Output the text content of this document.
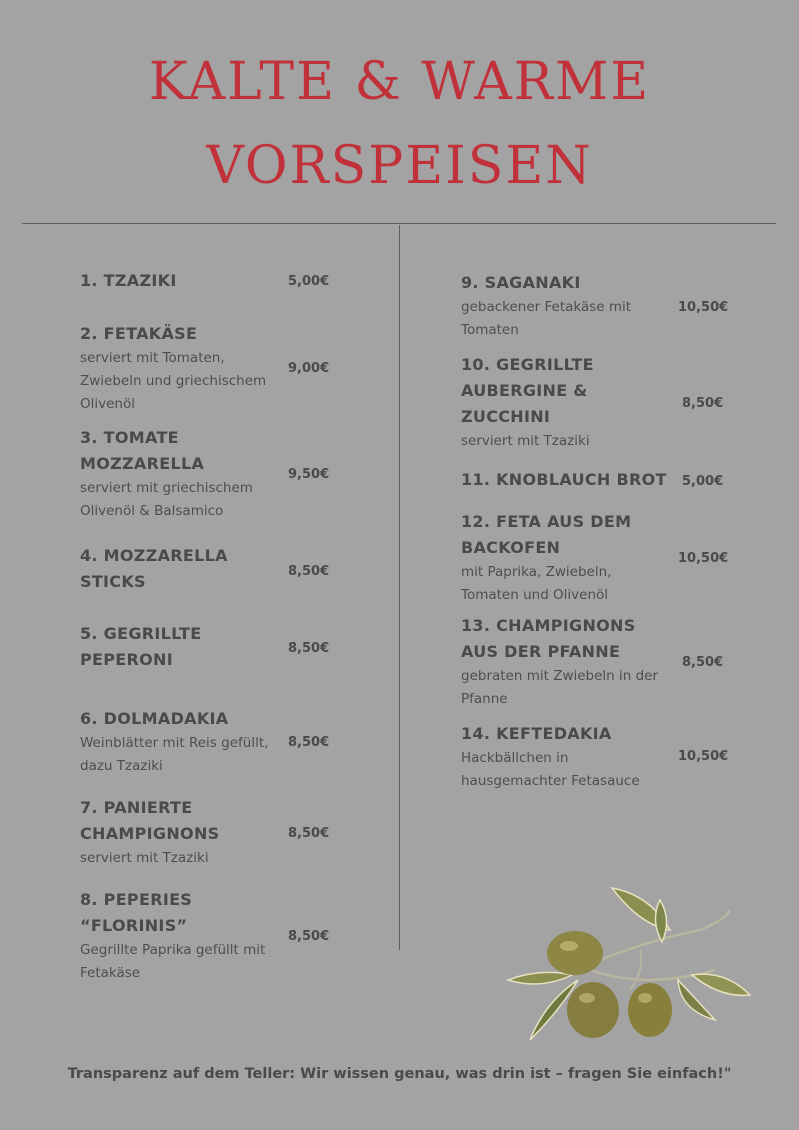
KALTE & WARME
VORSPEISEN
1. TZAZIKI	5,00€
2. FETAKÄSE
serviert mit Tomaten, Zwiebeln und griechischem Olivenöl
9,00€
3. TOMATE MOZZARELLA
serviert mit griechischem Olivenöl & Balsamico
9,50€
4. MOZZARELLA STICKS
8,50€
5. GEGRILLTE PEPERONI
8,50€
6. DOLMADAKIA
Weinblätter mit Reis gefüllt, dazu Tzaziki
8,50€
7. PANIERTE CHAMPIGNONS
serviert mit Tzaziki
8,50€
8. PEPERIES “FLORINIS”
Gegrillte Paprika gefüllt mit Fetakäse
8,50€
9. SAGANAKI
gebackener Fetakäse mit Tomaten
10,50€
10. GEGRILLTE AUBERGINE & ZUCCHINI
serviert mit Tzaziki
8,50€
11. KNOBLAUCH BROT	5,00€
12. FETA AUS DEM BACKOFEN
mit Paprika, Zwiebeln, Tomaten und Olivenöl
10,50€
13. CHAMPIGNONS AUS DER PFANNE
gebraten mit Zwiebeln in der Pfanne
8,50€
14. KEFTEDAKIA
Hackbällchen in hausgemachter Fetasauce
10,50€
Transparenz auf dem Teller: Wir wissen genau, was drin ist – fragen Sie einfach!"
